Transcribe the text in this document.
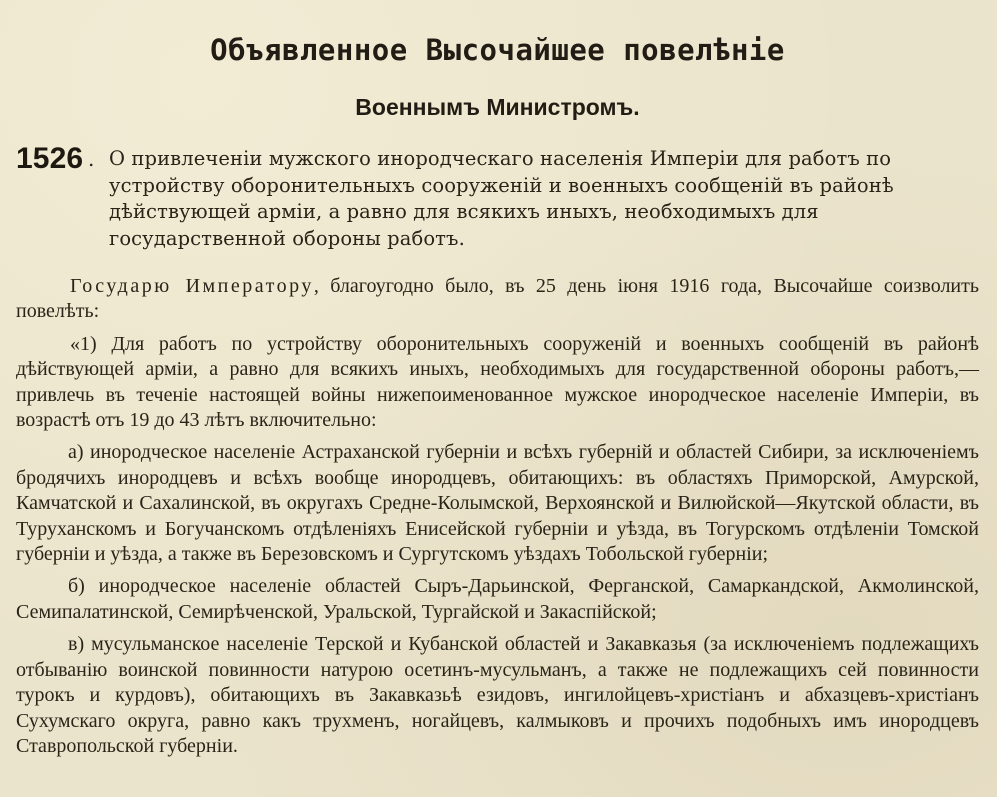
Объявленное Высочайшее повелѣніе
Военнымъ Министромъ.
1526 . О привлеченіи мужского инородческаго населенія Имперіи для работъ по устройству оборонительныхъ сооруженій и военныхъ сообщеній въ районѣ дѣйствующей арміи, а равно для всякихъ иныхъ, необходимыхъ для государственной обороны работъ.

Государю Императору, благоугодно было, въ 25 день іюня 1916 года, Высочайше соизволить повелѣть:

«1) Для работъ по устройству оборонительныхъ сооруженій и военныхъ сообщеній въ районѣ дѣйствующей арміи, а равно для всякихъ иныхъ, необходимыхъ для государственной обороны работъ,—привлечь въ теченіе настоящей войны нижепоименованное мужское инородческое населеніе Имперіи, въ возрастѣ отъ 19 до 43 лѣтъ включительно:

а) инородческое населеніе Астраханской губерніи и всѣхъ губерній и областей Сибири, за исключеніемъ бродячихъ инородцевъ и всѣхъ вообще инородцевъ, обитающихъ: въ областяхъ Приморской, Амурской, Камчатской и Сахалинской, въ округахъ Средне-Колымской, Верхоянской и Вилюйской—Якутской области, въ Туруханскомъ и Богучанскомъ отдѣленіяхъ Енисейской губерніи и уѣзда, въ Тогурскомъ отдѣленіи Томской губерніи и уѣзда, а также въ Березовскомъ и Сургутскомъ уѣздахъ Тобольской губерніи;

б) инородческое населеніе областей Сыръ-Дарьинской, Ферганской, Самаркандской, Акмолинской, Семипалатинской, Семирѣченской, Уральской, Тургайской и Закаспійской;

в) мусульманское населеніе Терской и Кубанской областей и Закавказья (за исключеніемъ подлежащихъ отбыванію воинской повинности натурою осетинъ-мусульманъ, а также не подлежащихъ сей повинности турокъ и курдовъ), обитающихъ въ Закавказьѣ езидовъ, ингилойцевъ-христіанъ и абхазцевъ-христіанъ Сухумскаго округа, равно какъ трухменъ, ногайцевъ, калмыковъ и прочихъ подобныхъ имъ инородцевъ Ставропольской губерніи.
